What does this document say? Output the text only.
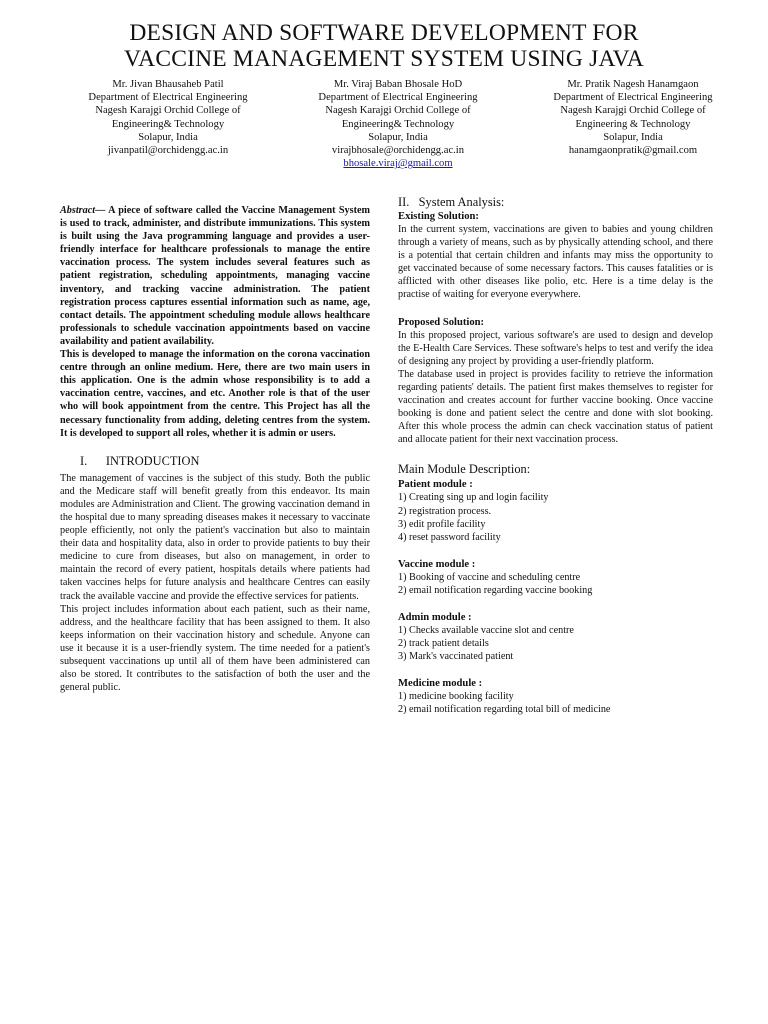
DESIGN AND SOFTWARE DEVELOPMENT FOR
VACCINE MANAGEMENT SYSTEM USING JAVA
Mr. Jivan Bhausaheb Patil
Department of Electrical Engineering
Nagesh Karajgi Orchid College of
Engineering& Technology
Solapur, India
jivanpatil@orchidengg.ac.in
Mr. Viraj Baban Bhosale HoD
Department of Electrical Engineering
Nagesh Karajgi Orchid College of
Engineering& Technology
Solapur, India
virajbhosale@orchidengg.ac.in
bhosale.viraj@gmail.com
Mr. Pratik Nagesh Hanamgaon
Department of Electrical Engineering
Nagesh Karajgi Orchid College of
Engineering & Technology
Solapur, India
hanamgaonpratik@gmail.com

Abstract— A piece of software called the Vaccine Management System is used to track, administer, and distribute immunizations. This system is built using the Java programming language and provides a user- friendly interface for healthcare professionals to manage the entire vaccination process. The system includes several features such as patient registration, scheduling appointments, managing vaccine inventory, and tracking vaccine administration. The patient registration process captures essential information such as name, age, contact details. The appointment scheduling module allows healthcare professionals to schedule vaccination appointments based on vaccine availability and patient availability.

This is developed to manage the information on the corona vaccination centre through an online medium. Here, there are two main users in this application. One is the admin whose responsibility is to add a vaccination centre, vaccines, and etc. Another role is that of the user who will book appointment from the centre. This Project has all the necessary functionality from adding, deleting centres from the system. It is developed to support all roles, whether it is admin or users.

I. INTRODUCTION

The management of vaccines is the subject of this study. Both the public and the Medicare staff will benefit greatly from this endeavor. Its main modules are Administration and Client. The growing vaccination demand in the hospital due to many spreading diseases makes it necessary to vaccinate people efficiently, not only the patient's vaccination but also to maintain their data and hospitality data, also in order to provide patients to buy their medicine to cure from diseases, but also on management, in order to maintain the record of every patient, hospitals details where patients had taken vaccines helps for future analysis and healthcare Centres can easily track the available vaccine and provide the effective services for patients.

This project includes information about each patient, such as their name, address, and the healthcare facility that has been assigned to them. It also keeps information on their vaccination history and schedule. Anyone can use it because it is a user-friendly system. The time needed for a patient's subsequent vaccinations up until all of them have been administered can also be stored. It contributes to the satisfaction of both the user and the general public.

II. System Analysis:
Existing Solution:

In the current system, vaccinations are given to babies and young children through a variety of means, such as by physically attending school, and there is a potential that certain children and infants may miss the opportunity to get vaccinated because of some necessary factors. This causes fatalities or is afflicted with other diseases like polio, etc. Here is a time delay is the practise of waiting for everyone everywhere.

Proposed Solution:

In this proposed project, various software's are used to design and develop the E-Health Care Services. These software's helps to test and verify the idea of designing any project by providing a user-friendly platform.

The database used in project is provides facility to retrieve the information regarding patients' details. The patient first makes themselves to register for vaccination and creates account for further vaccine booking. Once vaccine booking is done and patient select the centre and done with slot booking. After this whole process the admin can check vaccination status of patient and allocate patient for their next vaccination process.

Main Module Description:
Patient module :
1) Creating sing up and login facility
2) registration process.
3) edit profile facility
4) reset password facility
Vaccine module :
1) Booking of vaccine and scheduling centre
2) email notification regarding vaccine booking
Admin module :
1) Checks available vaccine slot and centre
2) track patient details
3) Mark's vaccinated patient
Medicine module :
1) medicine booking facility
2) email notification regarding total bill of medicine
